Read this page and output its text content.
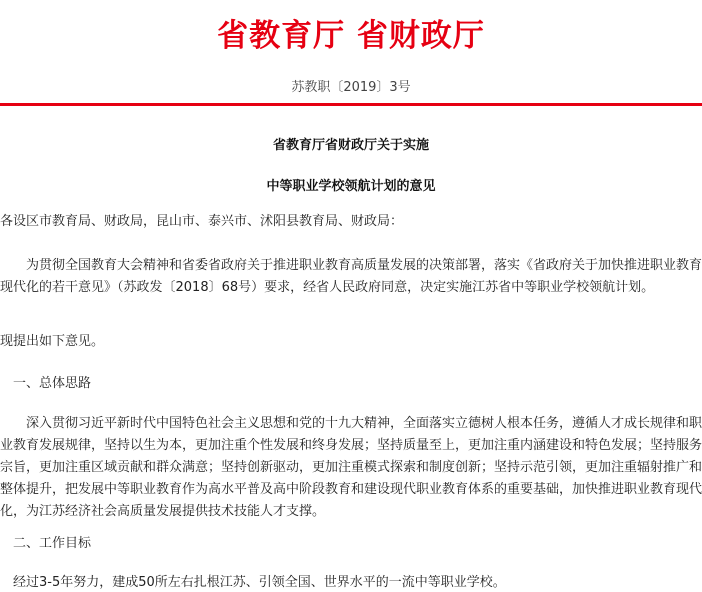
省教育厅 省财政厅
苏教职〔2019〕3号
省教育厅省财政厅关于实施
中等职业学校领航计划的意见
各设区市教育局、财政局，昆山市、泰兴市、沭阳县教育局、财政局：
为贯彻全国教育大会精神和省委省政府关于推进职业教育高质量发展的决策部署，落实《省政府关于加快推进职业教育现代化的若干意见》（苏政发〔2018〕68号）要求，经省人民政府同意，决定实施江苏省中等职业学校领航计划。
现提出如下意见。
一、总体思路
深入贯彻习近平新时代中国特色社会主义思想和党的十九大精神，全面落实立德树人根本任务，遵循人才成长规律和职业教育发展规律，坚持以生为本，更加注重个性发展和终身发展；坚持质量至上，更加注重内涵建设和特色发展；坚持服务宗旨，更加注重区域贡献和群众满意；坚持创新驱动，更加注重模式探索和制度创新；坚持示范引领，更加注重辐射推广和整体提升，把发展中等职业教育作为高水平普及高中阶段教育和建设现代职业教育体系的重要基础，加快推进职业教育现代化，为江苏经济社会高质量发展提供技术技能人才支撑。
二、工作目标
经过3-5年努力，建成50所左右扎根江苏、引领全国、世界水平的一流中等职业学校。
